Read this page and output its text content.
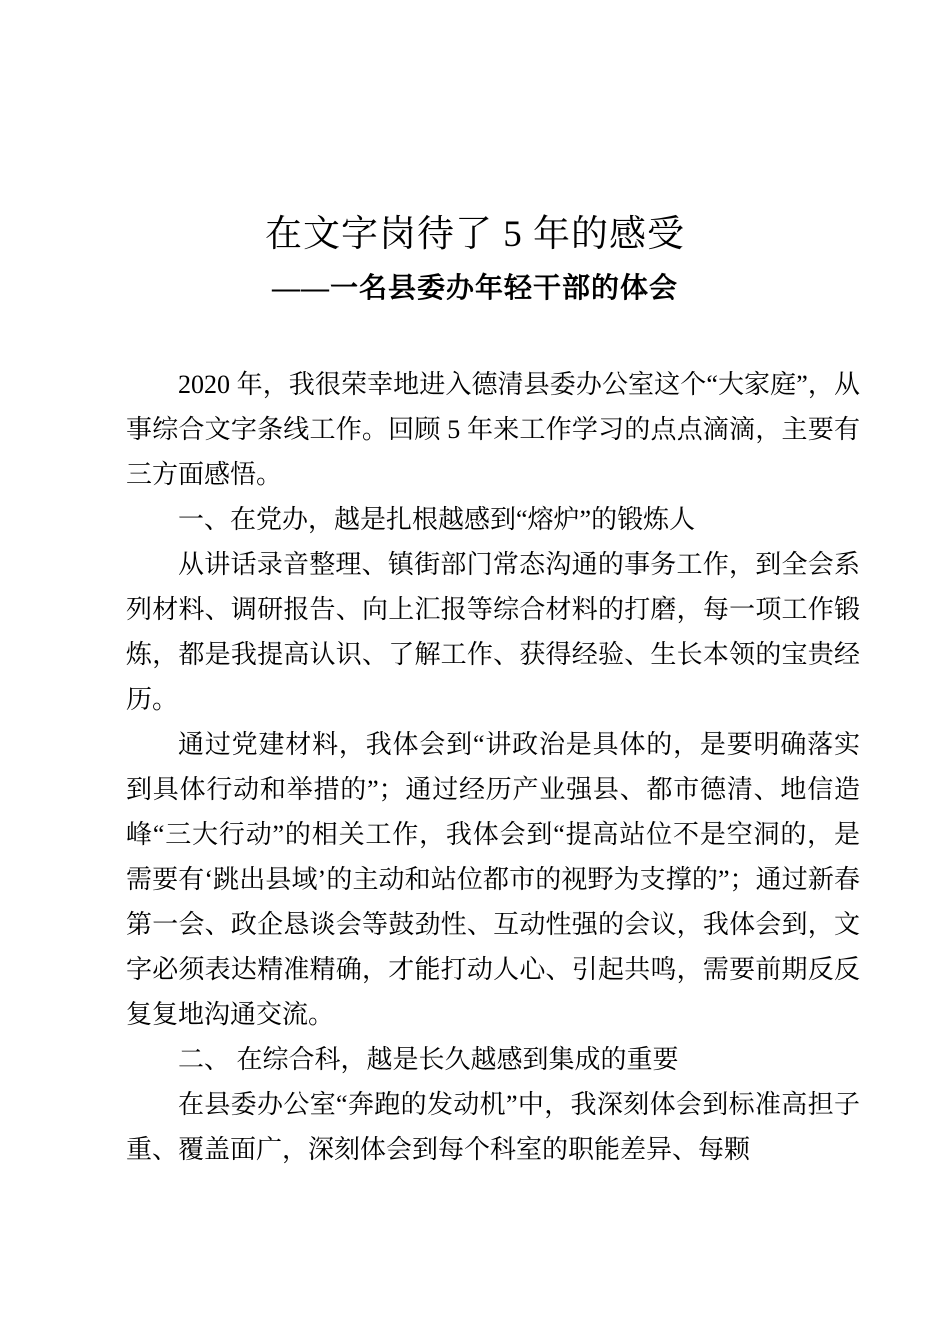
在文字岗待了 5 年的感受
——一名县委办年轻干部的体会

2020 年，我很荣幸地进入德清县委办公室这个“大家庭”，从事综合文字条线工作。回顾 5 年来工作学习的点点滴滴，主要有三方面感悟。

一、在党办，越是扎根越感到“熔炉”的锻炼人

从讲话录音整理、镇街部门常态沟通的事务工作，到全会系列材料、调研报告、向上汇报等综合材料的打磨，每一项工作锻炼，都是我提高认识、了解工作、获得经验、生长本领的宝贵经历。

通过党建材料，我体会到“讲政治是具体的，是要明确落实到具体行动和举措的”；通过经历产业强县、都市德清、地信造峰“三大行动”的相关工作，我体会到“提高站位不是空洞的，是需要有‘跳出县域’的主动和站位都市的视野为支撑的”；通过新春第一会、政企恳谈会等鼓劲性、互动性强的会议，我体会到，文字必须表达精准精确，才能打动人心、引起共鸣，需要前期反反复复地沟通交流。

二、 在综合科，越是长久越感到集成的重要

在县委办公室“奔跑的发动机”中，我深刻体会到标准高担子重、覆盖面广，深刻体会到每个科室的职能差异、每颗
